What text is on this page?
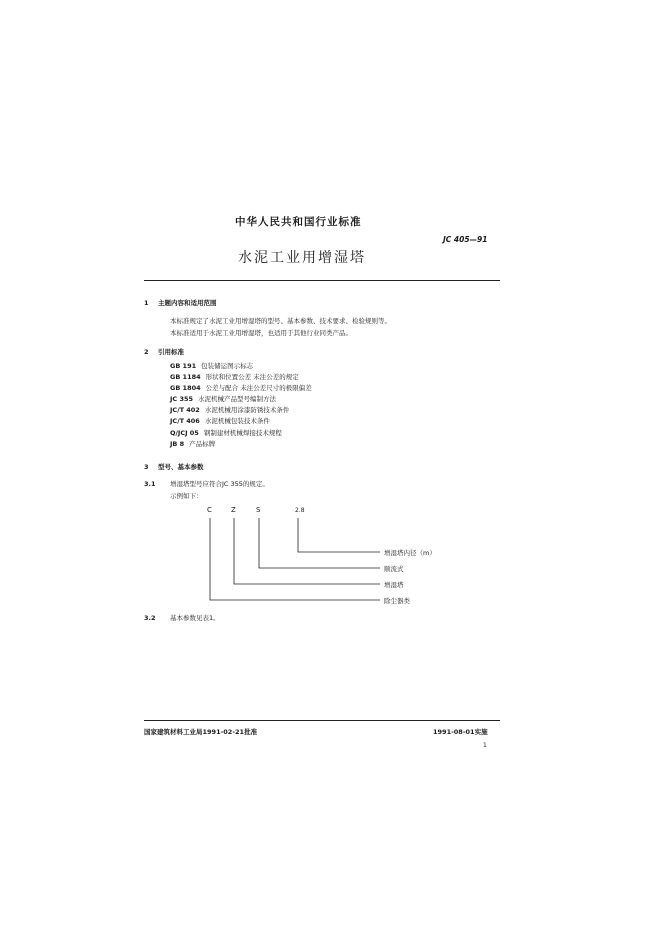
中华人民共和国行业标准
JC 405—91
水泥工业用增湿塔
1 主题内容和适用范围
本标准规定了水泥工业用增湿塔的型号、基本参数、技术要求、检验规则等。
本标准适用于水泥工业用增湿塔，也适用于其他行业同类产品。
2 引用标准
GB 191 包装储运图示标志
GB 1184 形状和位置公差 未注公差的规定
GB 1804 公差与配合 未注公差尺寸的极限偏差
JC 355 水泥机械产品型号编制方法
JC/T 402 水泥机械用涂漆防锈技术条件
JC/T 406 水泥机械包装技术条件
Q/JCJ 05 钢制建材机械焊接技术规程
JB 8 产品标牌
3 型号、基本参数
3.1 增湿塔型号应符合JC 355的规定。
示例如下：
C	Z	S	2.8
增湿塔内径（m）
顺流式
增湿塔
除尘器类
3.2 基本参数见表1。
国家建筑材料工业局1991-02-21批准	1991-08-01实施
1
